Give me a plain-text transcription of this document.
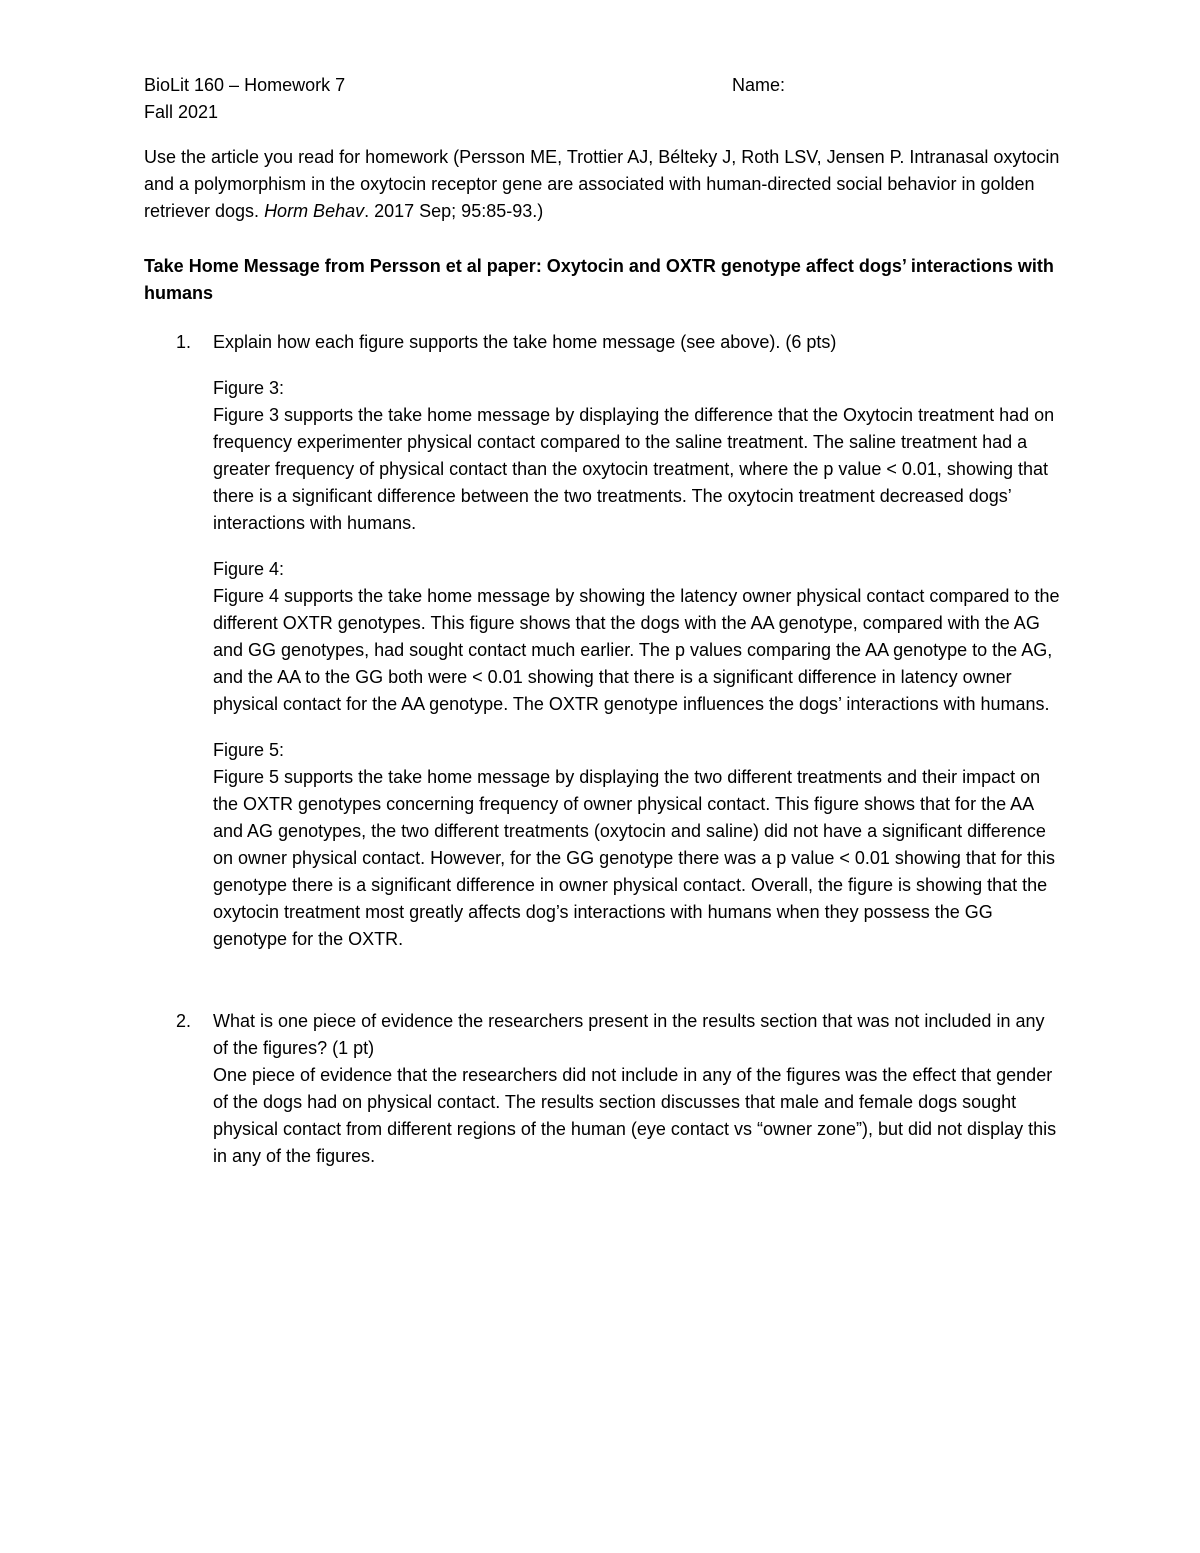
BioLit 160 – Homework 7	Name:
Fall 2021

Use the article you read for homework (Persson ME, Trottier AJ, Bélteky J, Roth LSV, Jensen P. Intranasal oxytocin and a polymorphism in the oxytocin receptor gene are associated with human-directed social behavior in golden retriever dogs. Horm Behav. 2017 Sep; 95:85-93.)

Take Home Message from Persson et al paper: Oxytocin and OXTR genotype affect dogs’ interactions with humans

1. Explain how each figure supports the take home message (see above). (6 pts)

Figure 3:

Figure 3 supports the take home message by displaying the difference that the Oxytocin treatment had on frequency experimenter physical contact compared to the saline treatment. The saline treatment had a greater frequency of physical contact than the oxytocin treatment, where the p value < 0.01, showing that there is a significant difference between the two treatments. The oxytocin treatment decreased dogs’ interactions with humans.

Figure 4:

Figure 4 supports the take home message by showing the latency owner physical contact compared to the different OXTR genotypes. This figure shows that the dogs with the AA genotype, compared with the AG and GG genotypes, had sought contact much earlier. The p values comparing the AA genotype to the AG, and the AA to the GG both were < 0.01 showing that there is a significant difference in latency owner physical contact for the AA genotype. The OXTR genotype influences the dogs’ interactions with humans.

Figure 5:

Figure 5 supports the take home message by displaying the two different treatments and their impact on the OXTR genotypes concerning frequency of owner physical contact. This figure shows that for the AA and AG genotypes, the two different treatments (oxytocin and saline) did not have a significant difference on owner physical contact. However, for the GG genotype there was a p value < 0.01 showing that for this genotype there is a significant difference in owner physical contact. Overall, the figure is showing that the oxytocin treatment most greatly affects dog’s interactions with humans when they possess the GG genotype for the OXTR.

2. What is one piece of evidence the researchers present in the results section that was not included in any of the figures? (1 pt)

One piece of evidence that the researchers did not include in any of the figures was the effect that gender of the dogs had on physical contact. The results section discusses that male and female dogs sought physical contact from different regions of the human (eye contact vs “owner zone”), but did not display this in any of the figures.
